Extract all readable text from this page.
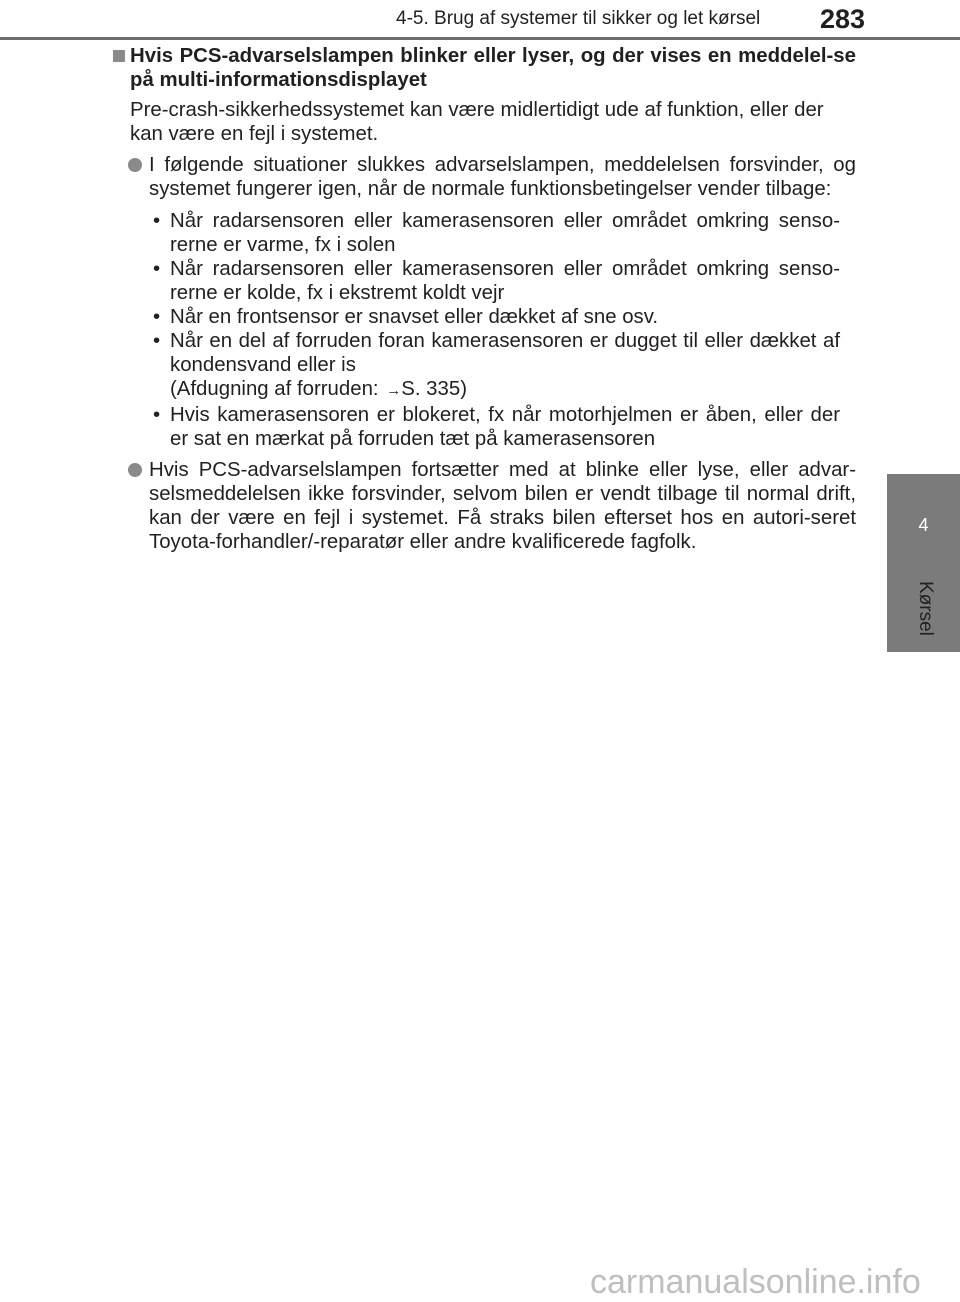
4-5. Brug af systemer til sikker og let kørsel	283
4
Kørsel

Hvis PCS-advarselslampen blinker eller lyser, og der vises en meddelel-se på multi-informationsdisplayet

Pre-crash-sikkerhedssystemet kan være midlertidigt ude af funktion, eller der kan være en fejl i systemet.

I følgende situationer slukkes advarselslampen, meddelelsen forsvinder, og systemet fungerer igen, når de normale funktionsbetingelser vender tilbage:
• Når radarsensoren eller kamerasensoren eller området omkring senso-rerne er varme, fx i solen
• Når radarsensoren eller kamerasensoren eller området omkring senso-rerne er kolde, fx i ekstremt koldt vejr
• Når en frontsensor er snavset eller dækket af sne osv.
• Når en del af forruden foran kamerasensoren er dugget til eller dækket af kondensvand eller is
(Afdugning af forruden: →S. 335)
• Hvis kamerasensoren er blokeret, fx når motorhjelmen er åben, eller der er sat en mærkat på forruden tæt på kamerasensoren
Hvis PCS-advarselslampen fortsætter med at blinke eller lyse, eller advar-selsmeddelelsen ikke forsvinder, selvom bilen er vendt tilbage til normal drift, kan der være en fejl i systemet. Få straks bilen efterset hos en autori-seret Toyota-forhandler/-reparatør eller andre kvalificerede fagfolk.
carmanualsonline.info
